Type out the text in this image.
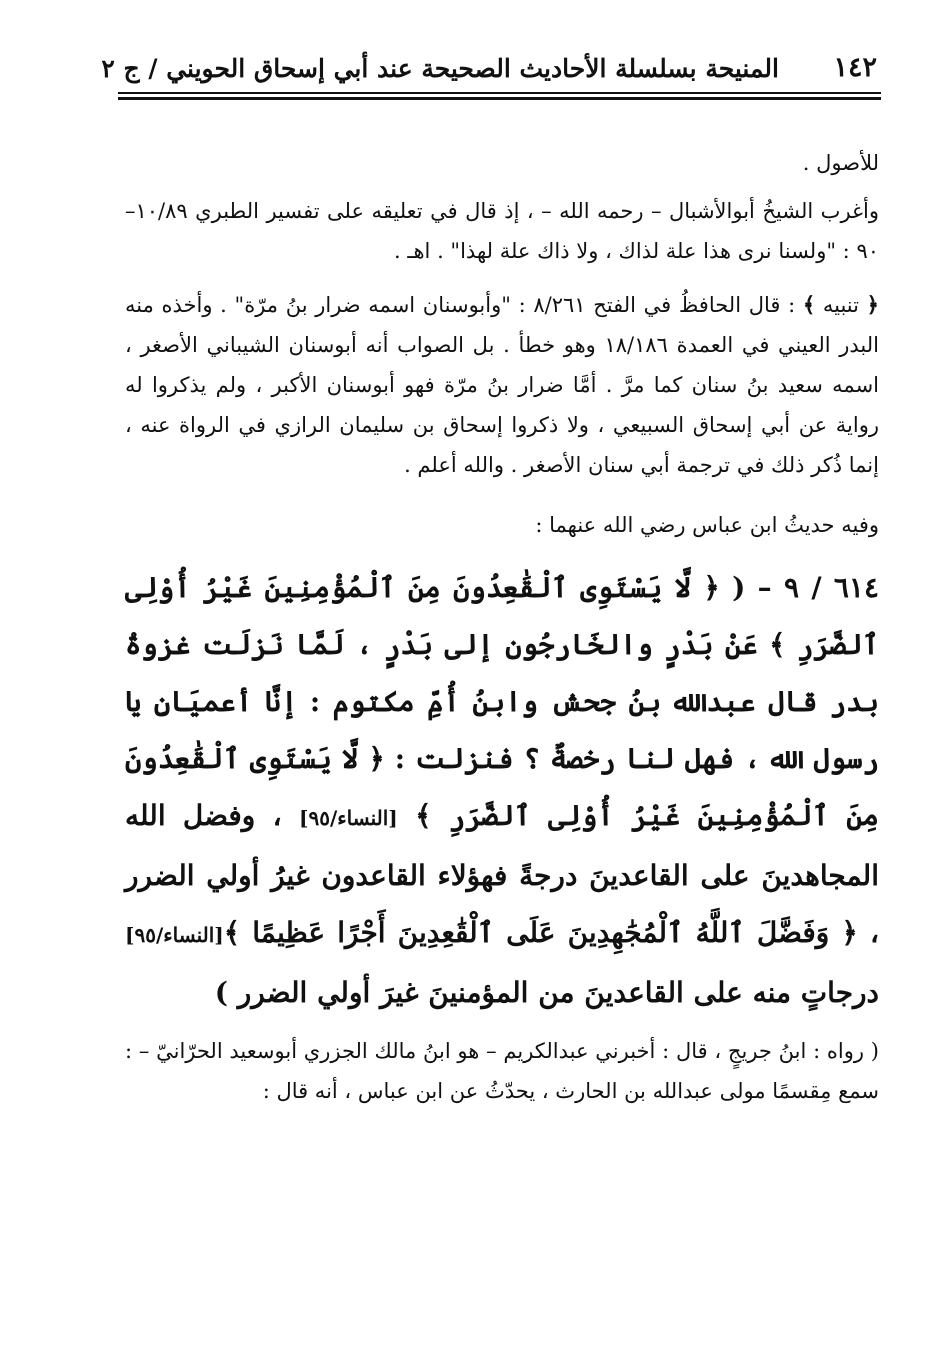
١٤٢
المنيحة بسلسلة الأحاديث الصحيحة عند أبي إسحاق الحويني / ج ٢

للأصول .

وأغرب الشيخُ أبوالأشبال – رحمه الله – ، إذ قال في تعليقه على تفسير الطبري ١٠/٨٩–٩٠ : "ولسنا نرى هذا علة لذاك ، ولا ذاك علة لهذا" . اهـ .

﴿ تنبيه ﴾ : قال الحافظُ في الفتح ٨/٢٦١ : "وأبوسنان اسمه ضرار بنُ مرّة" . وأخذه منه البدر العيني في العمدة ١٨/١٨٦ وهو خطأ . بل الصواب أنه أبوسنان الشيباني الأصغر ، اسمه سعيد بنُ سنان كما مرَّ . أمَّا ضرار بنُ مرّة فهو أبوسنان الأكبر ، ولم يذكروا له رواية عن أبي إسحاق السبيعي ، ولا ذكروا إسحاق بن سليمان الرازي في الرواة عنه ، إنما ذُكر ذلك في ترجمة أبي سنان الأصغر . والله أعلم .

وفيه حديثُ ابن عباس رضي الله عنهما :

٦١٤ / ٩ – ( ﴿ لَّا يَسْتَوِى ٱلْقَٰعِدُونَ مِنَ ٱلْمُؤْمِنِينَ غَيْرُ أُوْلِى ٱلضَّرَرِ ﴾ عَنْ بَدْرٍ والخَارجُون إلى بَدْرٍ ، لَمَّا نَزلَت غزوةُ بدر قال عبدالله بنُ جحش وابنُ أُمِّ مكتوم : إنَّا أعميَانِ يا رسول الله ، فهل لنا رخصةٌ ؟ فنزلت : ﴿ لَّا يَسْتَوِى ٱلْقَٰعِدُونَ مِنَ ٱلْمُؤْمِنِينَ غَيْرُ أُوْلِى ٱلضَّرَرِ ﴾ [النساء/٩٥] ، وفضل الله المجاهدينَ على القاعدينَ درجةً فهؤلاء القاعدون غيرُ أولي الضرر ، ﴿ وَفَضَّلَ ٱللَّهُ ٱلْمُجَٰهِدِينَ عَلَى ٱلْقَٰعِدِينَ أَجْرًا عَظِيمًا ﴾[النساء/٩٥] درجاتٍ منه على القاعدينَ من المؤمنينَ غيرَ أولي الضرر )

( رواه : ابنُ جريجٍ ، قال : أخبرني عبدالكريم – هو ابنُ مالك الجزري أبوسعيد الحرّانيّ – : سمع مِقسمًا مولى عبدالله بن الحارث ، يحدّثُ عن ابن عباس ، أنه قال :
